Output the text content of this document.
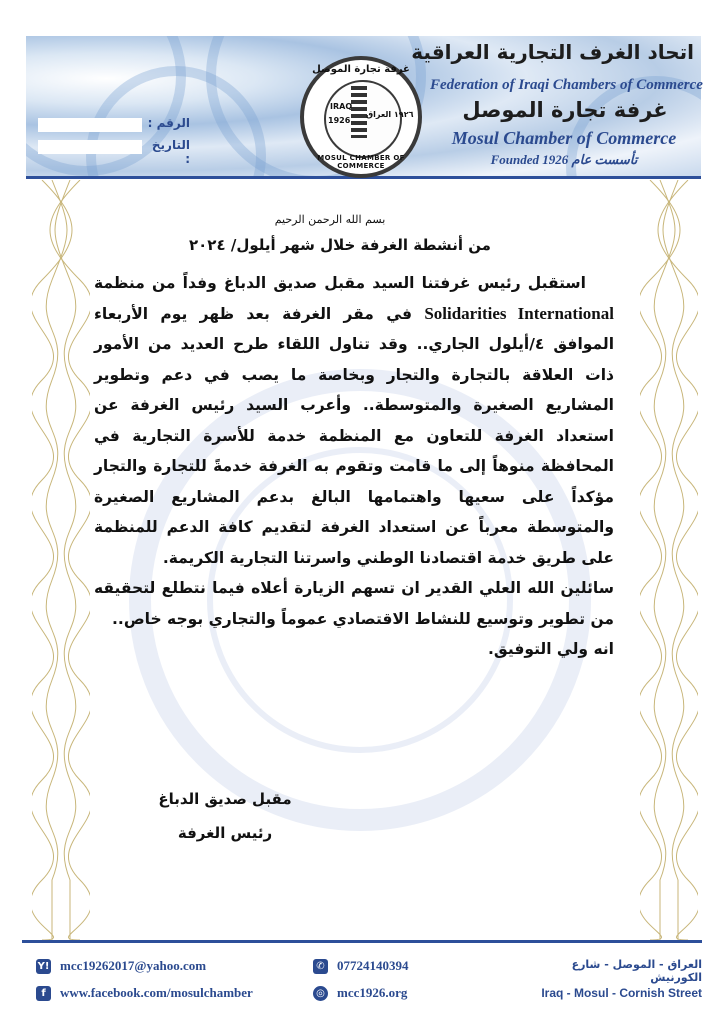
الرقم :
التاريخ :
غرفة تجارة الموصل
IRAQ
1926
١٩٢٦ العراق
MOSUL CHAMBER OF COMMERCE
اتحاد الغرف التجارية العراقية
Federation of Iraqi Chambers of Commerce
غرفة تجارة الموصل
Mosul Chamber of Commerce
Founded 1926 تأسست عام
بسم الله الرحمن الرحيم
من أنشطة الغرفة خلال شهر أيلول/ ٢٠٢٤

استقبل رئيس غرفتنا السيد مقبل صديق الدباغ وفداً من منظمة Solidarities International في مقر الغرفة بعد ظهر يوم الأربعاء الموافق ٤/أيلول الجاري.. وقد تناول اللقاء طرح العديد من الأمور ذات العلاقة بالتجارة والتجار وبخاصة ما يصب في دعم وتطوير المشاريع الصغيرة والمتوسطة.. وأعرب السيد رئيس الغرفة عن استعداد الغرفة للتعاون مع المنظمة خدمة للأسرة التجارية في المحافظة منوهاً إلى ما قامت وتقوم به الغرفة خدمةً للتجارة والتجار مؤكداً على سعيها واهتمامها البالغ بدعم المشاريع الصغيرة والمتوسطة معرباً عن استعداد الغرفة لتقديم كافة الدعم للمنظمة على طريق خدمة اقتصادنا الوطني واسرتنا التجارية الكريمة.

سائلين الله العلي القدير ان تسهم الزيارة أعلاه فيما نتطلع لتحقيقه من تطوير وتوسيع للنشاط الاقتصادي عموماً والتجاري بوجه خاص..

انه ولي التوفيق.

مقبل صديق الدباغ
رئيس الغرفة
Y! mcc19262017@yahoo.com
f	www.facebook.com/mosulchamber
✆ 07724140394
◎ mcc1926.org
العراق - الموصل - شارع الكورنيش
Iraq - Mosul - Cornish Street
